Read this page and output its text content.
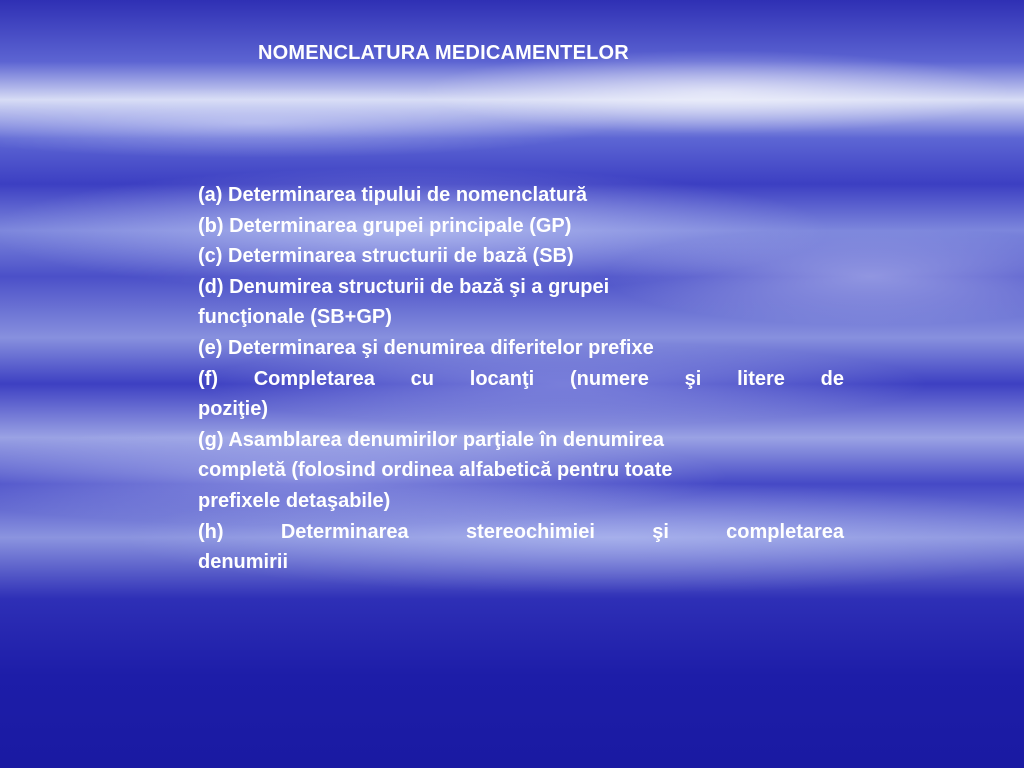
NOMENCLATURA MEDICAMENTELOR
(a) Determinarea tipului de nomenclatură
(b) Determinarea grupei principale (GP)
(c) Determinarea structurii de bază (SB)
(d) Denumirea structurii de bază şi a grupei
funcţionale (SB+GP)
(e) Determinarea şi denumirea diferitelor prefixe
(f) Completarea cu locanţi (numere şi litere de
poziţie)
(g) Asamblarea denumirilor parţiale în denumirea
completă (folosind ordinea alfabetică pentru toate
prefixele detaşabile)
(h) Determinarea stereochimiei şi completarea
denumirii
